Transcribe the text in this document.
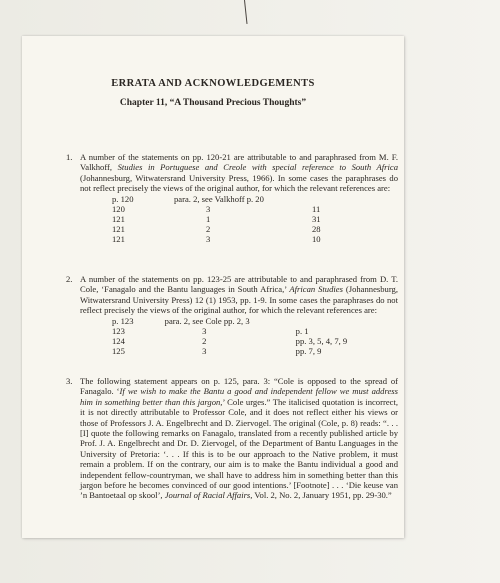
ERRATA AND ACKNOWLEDGEMENTS
Chapter 11, “A Thousand Precious Thoughts”
1. A number of the statements on pp. 120-21 are attributable to and paraphrased from M. F. Valkhoff, Studies in Portuguese and Creole with special reference to South Africa (Johannesburg, Witwatersrand University Press, 1966). In some cases the paraphrases do not reflect precisely the views of the original author, for which the relevant references are:

p. 120	para. 2, see Valkhoff p. 20
120	3	11
121	1	31
121	2	28
121	3	10
2. A number of the statements on pp. 123-25 are attributable to and paraphrased from D. T. Cole, ‘Fanagalo and the Bantu languages in South Africa,’ African Studies (Johannesburg, Witwatersrand University Press) 12 (1) 1953, pp. 1-9. In some cases the paraphrases do not reflect precisely the views of the original author, for which the relevant references are:

p. 123	para. 2, see Cole pp. 2, 3
123	3	p. 1
124	2	pp. 3, 5, 4, 7, 9
125	3	pp. 7, 9
3. The following statement appears on p. 125, para. 3: “Cole is opposed to the spread of Fanagalo. ‘If we wish to make the Bantu a good and independent fellow we must address him in something better than this jargon,’ Cole urges.” The italicised quotation is incorrect, it is not directly attributable to Professor Cole, and it does not reflect either his views or those of Professors J. A. Engelbrecht and D. Ziervogel. The original (Cole, p. 8) reads: “. . . [I] quote the following remarks on Fanagalo, translated from a recently published article by Prof. J. A. Engelbrecht and Dr. D. Ziervogel, of the Department of Bantu Languages in the University of Pretoria: ‘. . . If this is to be our approach to the Native problem, it must remain a problem. If on the contrary, our aim is to make the Bantu individual a good and independent fellow-countryman, we shall have to address him in something better than this jargon before he becomes convinced of our good intentions.’ [Footnote] . . . ‘Die keuse van ’n Bantoetaal op skool’, Journal of Racial Affairs, Vol. 2, No. 2, January 1951, pp. 29-30.”
